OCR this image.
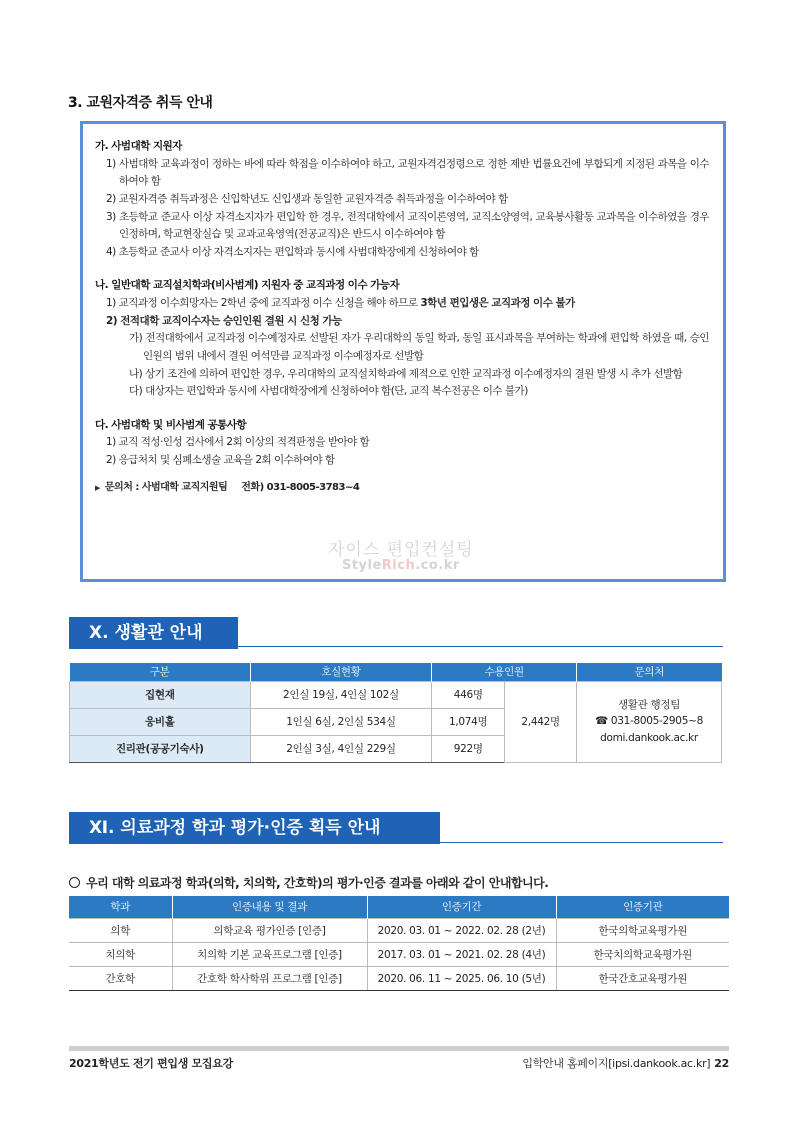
3. 교원자격증 취득 안내
가. 사범대학 지원자
1) 사범대학 교육과정이 정하는 바에 따라 학점을 이수하여야 하고, 교원자격검정령으로 정한 제반 법률요건에 부합되게 지정된 과목을 이수하여야 함
2) 교원자격증 취득과정은 신입학년도 신입생과 동일한 교원자격증 취득과정을 이수하여야 함
3) 초등학교 준교사 이상 자격소지자가 편입학 한 경우, 전적대학에서 교직이론영역, 교직소양영역, 교육봉사활동 교과목을 이수하였을 경우 인정하며, 학교현장실습 및 교과교육영역(전공교직)은 반드시 이수하여야 함
4) 초등학교 준교사 이상 자격소지자는 편입학과 동시에 사범대학장에게 신청하여야 함
나. 일반대학 교직설치학과(비사범계) 지원자 중 교직과정 이수 가능자
1) 교직과정 이수희망자는 2학년 중에 교직과정 이수 신청을 해야 하므로 3학년 편입생은 교직과정 이수 불가
2) 전적대학 교직이수자는 승인인원 결원 시 신청 가능
가) 전적대학에서 교직과정 이수예정자로 선발된 자가 우리대학의 동일 학과, 동일 표시과목을 부여하는 학과에 편입학 하였을 때, 승인 인원의 범위 내에서 결원 여석만큼 교직과정 이수예정자로 선발함
나) 상기 조건에 의하여 편입한 경우, 우리대학의 교직설치학과에 제적으로 인한 교직과정 이수예정자의 결원 발생 시 추가 선발함
다) 대상자는 편입학과 동시에 사범대학장에게 신청하여야 함(단, 교직 복수전공은 이수 불가)
다. 사범대학 및 비사범계 공통사항
1) 교직 적성·인성 검사에서 2회 이상의 적격판정을 받아야 함
2) 응급처치 및 심폐소생술 교육을 2회 이수하여야 함
▶ 문의처 : 사범대학 교직지원팀 전화) 031-8005-3783~4
자이스 편입컨설팅
StyleRich.co.kr
Ⅹ. 생활관 안내
구분	호실현황	수용인원		문의처
집현재	2인실 19실, 4인실 102실	446명	2,442명	생활관 행정팀
☎ 031-8005-2905~8
domi.dankook.ac.kr

웅비홀	1인실 6실, 2인실 534실	1,074명		
진리관(공공기숙사)	2인실 3실, 4인실 229실	922명		
Ⅺ. 의료과정 학과 평가·인증 획득 안내
우리 대학 의료과정 학과(의학, 치의학, 간호학)의 평가·인증 결과를 아래와 같이 안내합니다.
학과	인증내용 및 결과	인증기간	인증기관
의학	의학교육 평가인증 [인증]	2020. 03. 01 ~ 2022. 02. 28 (2년)	한국의학교육평가원
치의학	치의학 기본 교육프로그램 [인증]	2017. 03. 01 ~ 2021. 02. 28 (4년)	한국치의학교육평가원
간호학	간호학 학사학위 프로그램 [인증]	2020. 06. 11 ~ 2025. 06. 10 (5년)	한국간호교육평가원
2021학년도 전기 편입생 모집요강	입학안내 홈페이지[ipsi.dankook.ac.kr] 22
